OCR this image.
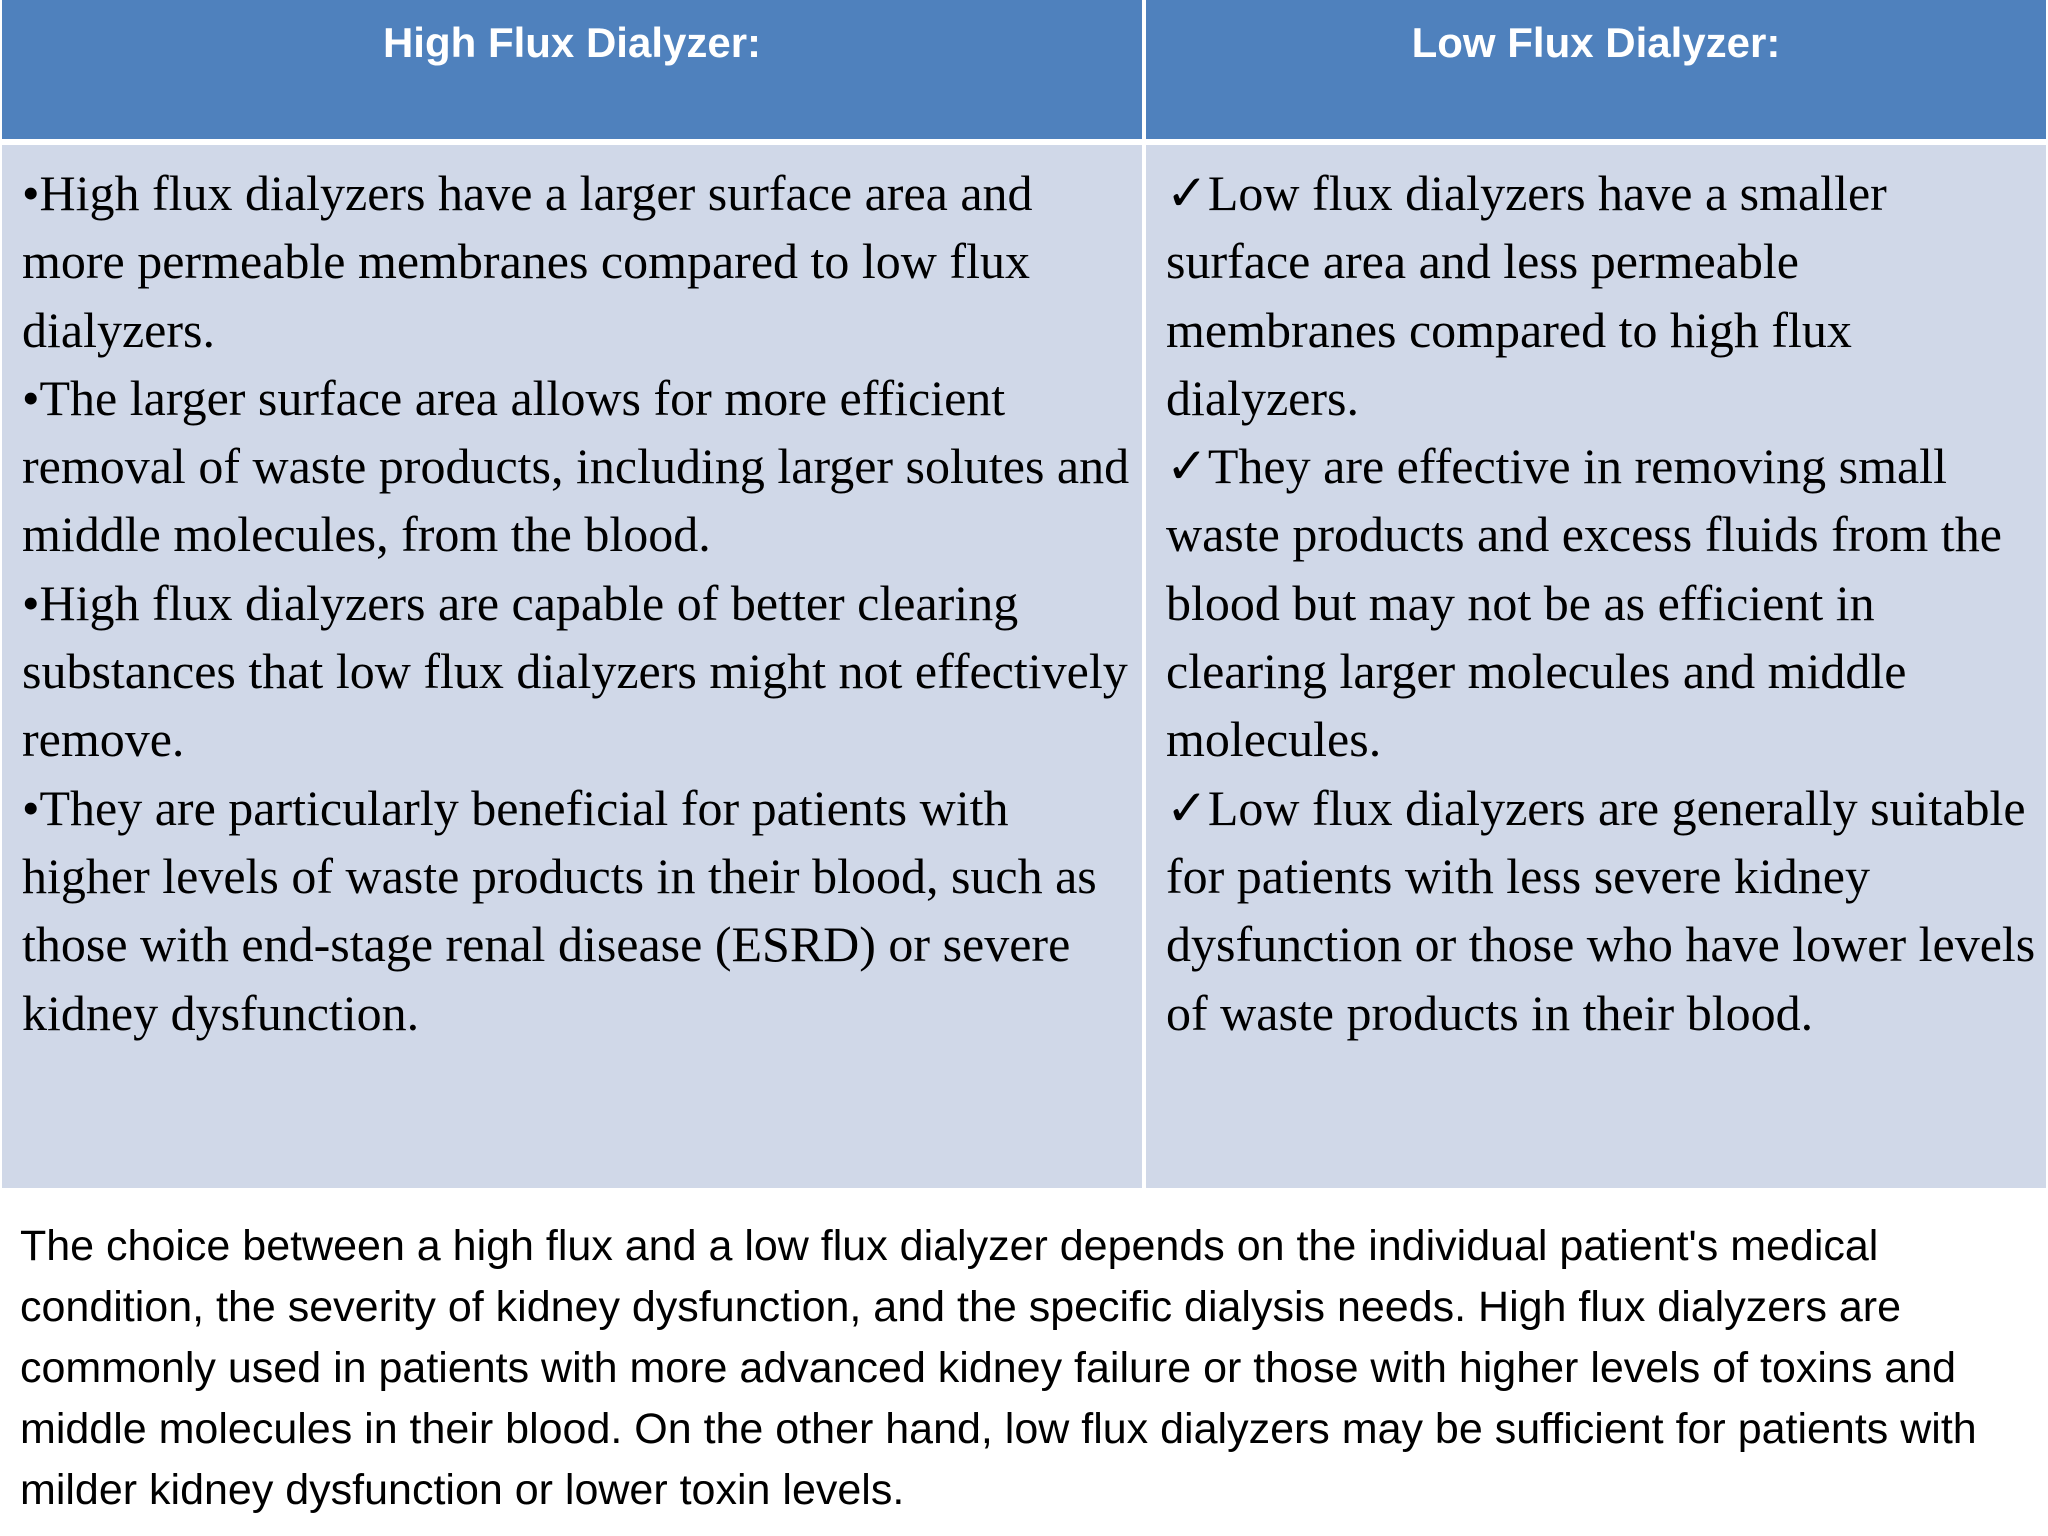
High Flux Dialyzer:	Low Flux Dialyzer:

•High flux dialyzers have a larger surface area and more permeable membranes compared to low flux dialyzers.

•The larger surface area allows for more efficient removal of waste products, including larger solutes and middle molecules, from the blood.

•High flux dialyzers are capable of better clearing substances that low flux dialyzers might not effectively remove.

•They are particularly beneficial for patients with higher levels of waste products in their blood, such as those with end-stage renal disease (ESRD) or severe kidney dysfunction.

✓Low flux dialyzers have a smaller surface area and less permeable membranes compared to high flux dialyzers.

✓They are effective in removing small waste products and excess fluids from the blood but may not be as efficient in clearing larger molecules and middle molecules.

✓Low flux dialyzers are generally suitable for patients with less severe kidney dysfunction or those who have lower levels of waste products in their blood.

The choice between a high flux and a low flux dialyzer depends on the individual patient's medical condition, the severity of kidney dysfunction, and the specific dialysis needs. High flux dialyzers are commonly used in patients with more advanced kidney failure or those with higher levels of toxins and middle molecules in their blood. On the other hand, low flux dialyzers may be sufficient for patients with milder kidney dysfunction or lower toxin levels.
